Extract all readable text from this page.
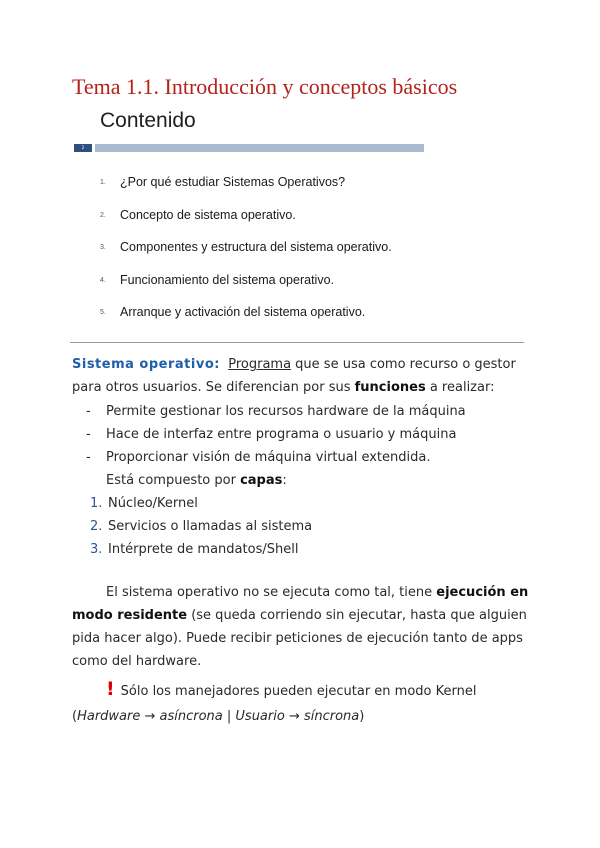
Tema 1.1. Introducción y conceptos básicos
Contenido
2
1.	¿Por qué estudiar Sistemas Operativos?
2.	Concepto de sistema operativo.
3.	Componentes y estructura del sistema operativo.
4.	Funcionamiento del sistema operativo.
5.	Arranque y activación del sistema operativo.
Sistema operativo: Programa que se usa como recurso o gestor para otros usuarios. Se diferencian por sus funciones a realizar:
- Permite gestionar los recursos hardware de la máquina
- Hace de interfaz entre programa o usuario y máquina
- Proporcionar visión de máquina virtual extendida.
Está compuesto por capas:
1. Núcleo/Kernel
2. Servicios o llamadas al sistema
3. Intérprete de mandatos/Shell
El sistema operativo no se ejecuta como tal, tiene ejecución en modo residente (se queda corriendo sin ejecutar, hasta que alguien pida hacer algo). Puede recibir peticiones de ejecución tanto de apps como del hardware.
! Sólo los manejadores pueden ejecutar en modo Kernel
(Hardware → asíncrona | Usuario → síncrona)
